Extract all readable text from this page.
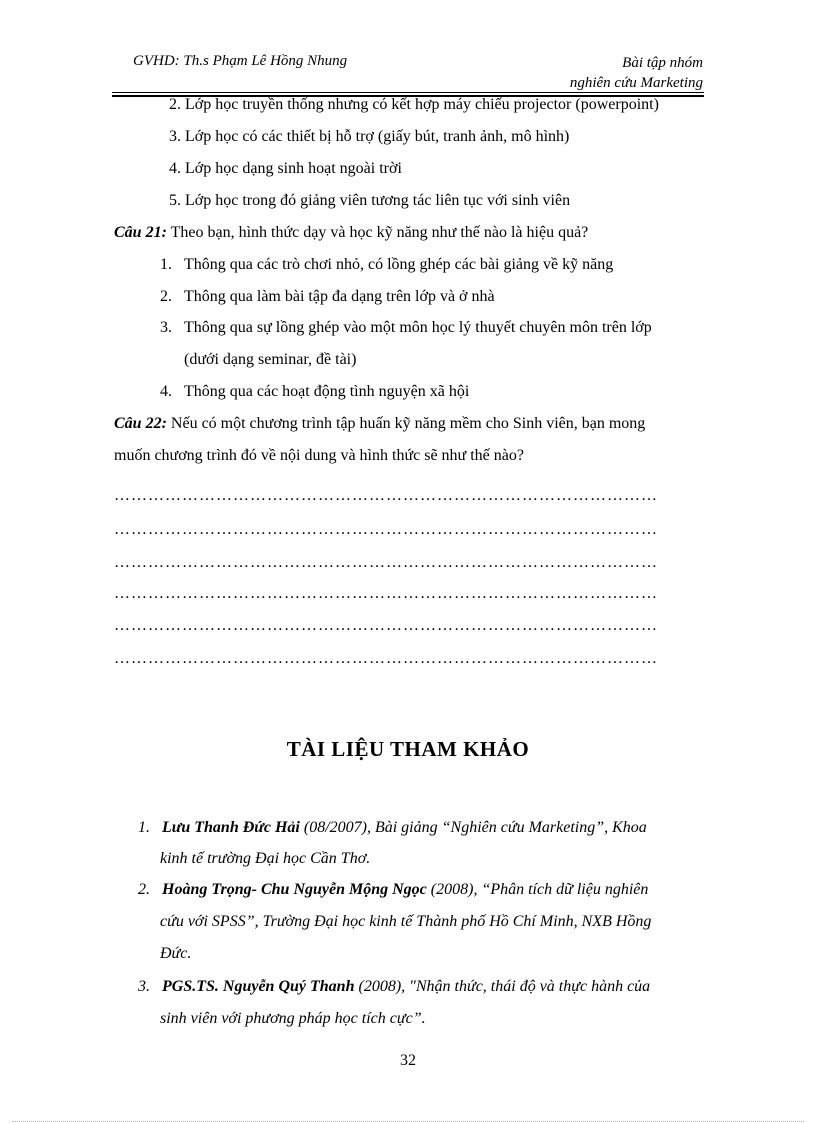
GVHD: Th.s Phạm Lê Hồng Nhung	Bài tập nhóm
nghiên cứu Marketing
2. Lớp học truyền thống nhưng có kết hợp máy chiếu projector (powerpoint)
3. Lớp học có các thiết bị hỗ trợ (giấy bút, tranh ảnh, mô hình)
4. Lớp học dạng sinh hoạt ngoài trời
5. Lớp học trong đó giảng viên tương tác liên tục với sinh viên
Câu 21: Theo bạn, hình thức dạy và học kỹ năng như thế nào là hiệu quả?
1. Thông qua các trò chơi nhỏ, có lồng ghép các bài giảng về kỹ năng
2. Thông qua làm bài tập đa dạng trên lớp và ở nhà
3. Thông qua sự lồng ghép vào một môn học lý thuyết chuyên môn trên lớp
(dưới dạng seminar, đề tài)
4. Thông qua các hoạt động tình nguyện xã hội
Câu 22: Nếu có một chương trình tập huấn kỹ năng mềm cho Sinh viên, bạn mong
muốn chương trình đó về nội dung và hình thức sẽ như thế nào?
……………………………………………………………………………………
……………………………………………………………………………………
……………………………………………………………………………………
……………………………………………………………………………………
……………………………………………………………………………………
……………………………………………………………………………………
TÀI LIỆU THAM KHẢO
1. Lưu Thanh Đức Hải (08/2007), Bài giảng “Nghiên cứu Marketing”, Khoa
kinh tế trường Đại học Cần Thơ.
2. Hoàng Trọng- Chu Nguyễn Mộng Ngọc (2008), “Phân tích dữ liệu nghiên
cứu với SPSS”, Trường Đại học kinh tế Thành phố Hồ Chí Minh, NXB Hồng
Đức.
3. PGS.TS. Nguyễn Quý Thanh (2008), "Nhận thức, thái độ và thực hành của
sinh viên với phương pháp học tích cực”.
32
